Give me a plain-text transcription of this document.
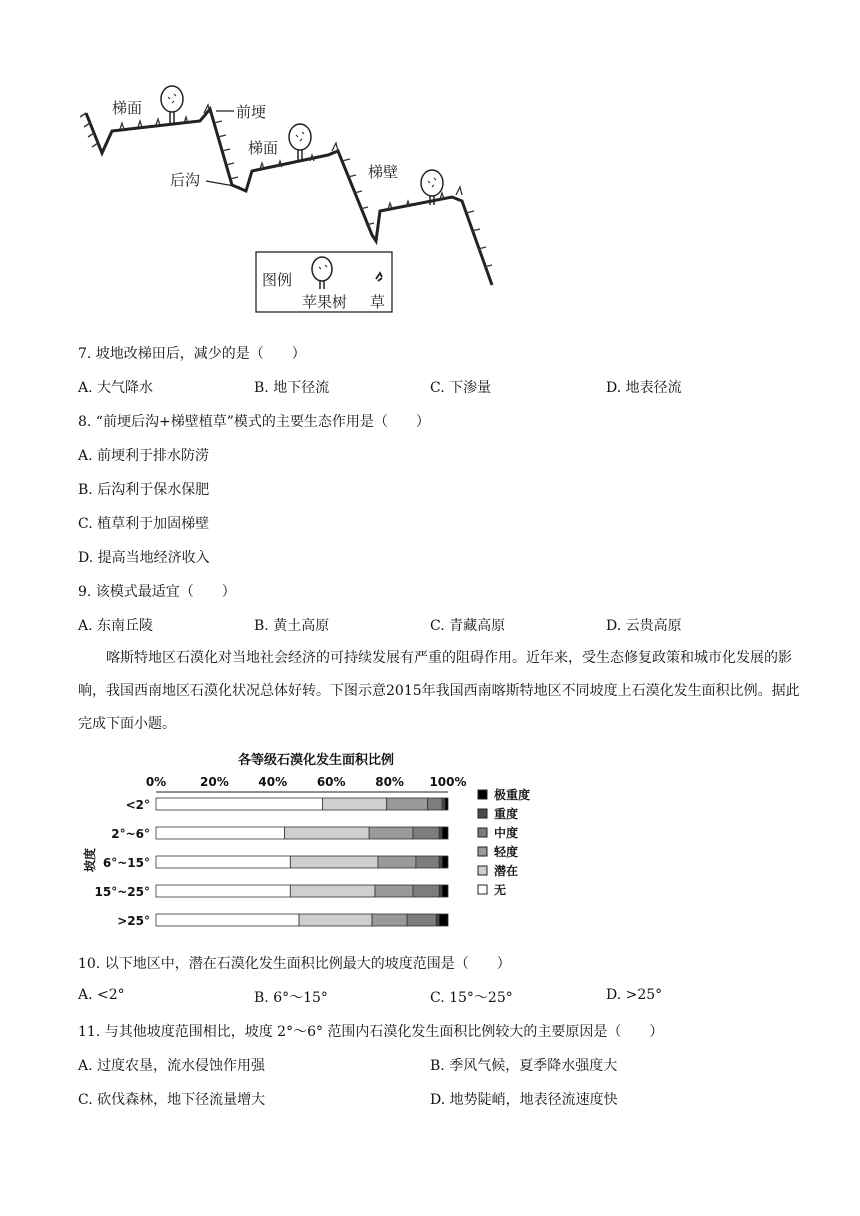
梯面	前埂
梯面
后沟	梯壁
图例
苹果树 草
7. 坡地改梯田后，减少的是（　　）
A. 大气降水	B. 地下径流	C. 下渗量	D. 地表径流
8. “前埂后沟+梯壁植草”模式的主要生态作用是（　　）
A. 前埂利于排水防涝
B. 后沟利于保水保肥
C. 植草利于加固梯壁
D. 提高当地经济收入
9. 该模式最适宜（　　）
A. 东南丘陵	B. 黄土高原	C. 青藏高原	D. 云贵高原
喀斯特地区石漠化对当地社会经济的可持续发展有严重的阻碍作用。近年来，受生态修复政策和城市化发展的影响，我国西南地区石漠化状况总体好转。下图示意2015年我国西南喀斯特地区不同坡度上石漠化发生面积比例。据此完成下面小题。
各等级石漠化发生面积比例
0%	20% 40% 60% 80% 100%
<2°
2°~6°
6°~15°
15°~25°
>25°
坡度
极重度
重度
中度
轻度
潜在
无
10. 以下地区中，潜在石漠化发生面积比例最大的坡度范围是（　　）
A. <2°	B. 6°～15°	C. 15°～25°	D. >25°
11. 与其他坡度范围相比，坡度 2°～6° 范围内石漠化发生面积比例较大的主要原因是（　　）
A. 过度农垦，流水侵蚀作用强	B. 季风气候，夏季降水强度大
C. 砍伐森林，地下径流量增大	D. 地势陡峭，地表径流速度快
